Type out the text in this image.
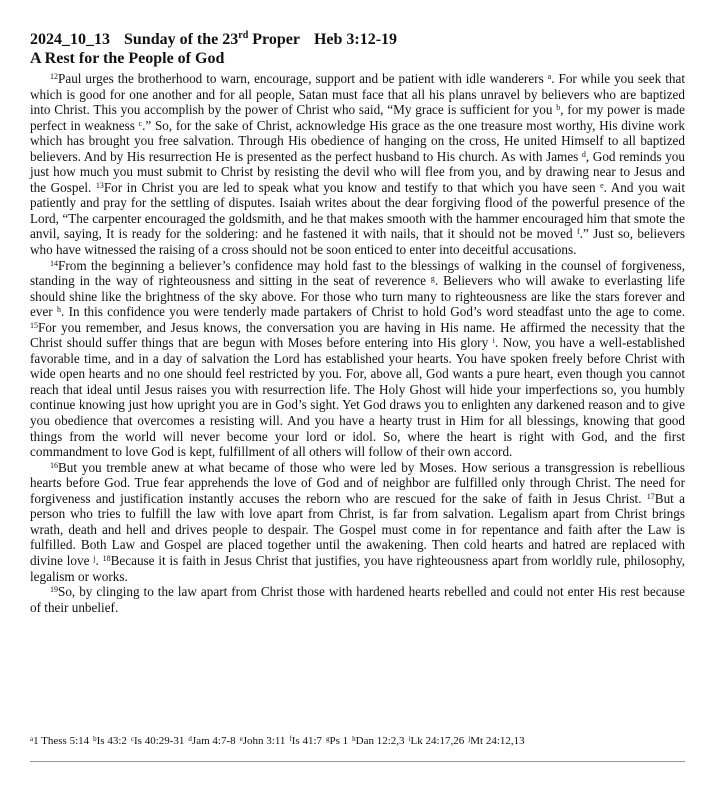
2024_10_13 Sunday of the 23rd Proper Heb 3:12-19
A Rest for the People of God

$^{12}$Paul urges the brotherhood to warn, encourage, support and be patient with idle wanderers $^a$. For while you seek that which is good for one another and for all people, Satan must face that all his plans unravel by believers who are baptized into Christ. This you accomplish by the power of Christ who said, “My grace is sufficient for you $^b$, for my power is made perfect in weakness $^c$.” So, for the sake of Christ, acknowledge His grace as the one treasure most worthy, His divine work which has brought you free salvation. Through His obedience of hanging on the cross, He united Himself to all baptized believers. And by His resurrection He is presented as the perfect husband to His church. As with James $^d$, God reminds you just how much you must submit to Christ by resisting the devil who will flee from you, and by drawing near to Jesus and the Gospel. $^{13}$For in Christ you are led to speak what you know and testify to that which you have seen $^e$. And you wait patiently and pray for the settling of disputes. Isaiah writes about the dear forgiving flood of the powerful presence of the Lord, “The carpenter encouraged the goldsmith, and he that makes smooth with the hammer encouraged him that smote the anvil, saying, It is ready for the soldering: and he fastened it with nails, that it should not be moved $^f$.” Just so, believers who have witnessed the raising of a cross should not be soon enticed to enter into deceitful accusations.

$^{14}$From the beginning a believer’s confidence may hold fast to the blessings of walking in the counsel of forgiveness, standing in the way of righteousness and sitting in the seat of reverence $^g$. Believers who will awake to everlasting life should shine like the brightness of the sky above. For those who turn many to righteousness are like the stars forever and ever $^h$. In this confidence you were tenderly made partakers of Christ to hold God’s word steadfast unto the age to come. $^{15}$For you remember, and Jesus knows, the conversation you are having in His name. He affirmed the necessity that the Christ should suffer things that are begun with Moses before entering into His glory $^i$. Now, you have a well-established favorable time, and in a day of salvation the Lord has established your hearts. You have spoken freely before Christ with wide open hearts and no one should feel restricted by you. For, above all, God wants a pure heart, even though you cannot reach that ideal until Jesus raises you with resurrection life. The Holy Ghost will hide your imperfections so, you humbly continue knowing just how upright you are in God’s sight. Yet God draws you to enlighten any darkened reason and to give you obedience that overcomes a resisting will. And you have a hearty trust in Him for all blessings, knowing that good things from the world will never become your lord or idol. So, where the heart is right with God, and the first commandment to love God is kept, fulfillment of all others will follow of their own accord.

$^{16}$But you tremble anew at what became of those who were led by Moses. How serious a transgression is rebellious hearts before God. True fear apprehends the love of God and of neighbor are fulfilled only through Christ. The need for forgiveness and justification instantly accuses the reborn who are rescued for the sake of faith in Jesus Christ. $^{17}$But a person who tries to fulfill the law with love apart from Christ, is far from salvation. Legalism apart from Christ brings wrath, death and hell and drives people to despair. The Gospel must come in for repentance and faith after the Law is fulfilled. Both Law and Gospel are placed together until the awakening. Then cold hearts and hatred are replaced with divine love $^j$. $^{18}$Because it is faith in Jesus Christ that justifies, you have righteousness apart from worldly rule, philosophy, legalism or works.

$^{19}$So, by clinging to the law apart from Christ those with hardened hearts rebelled and could not enter His rest because of their unbelief.

$^a$1 Thess 5:14 $^b$Is 43:2 $^c$Is 40:29-31 $^d$Jam 4:7-8 $^e$John 3:11 $^f$Is 41:7 $^g$Ps 1 $^h$Dan 12:2,3 $^i$Lk 24:17,26 $^j$Mt 24:12,13
